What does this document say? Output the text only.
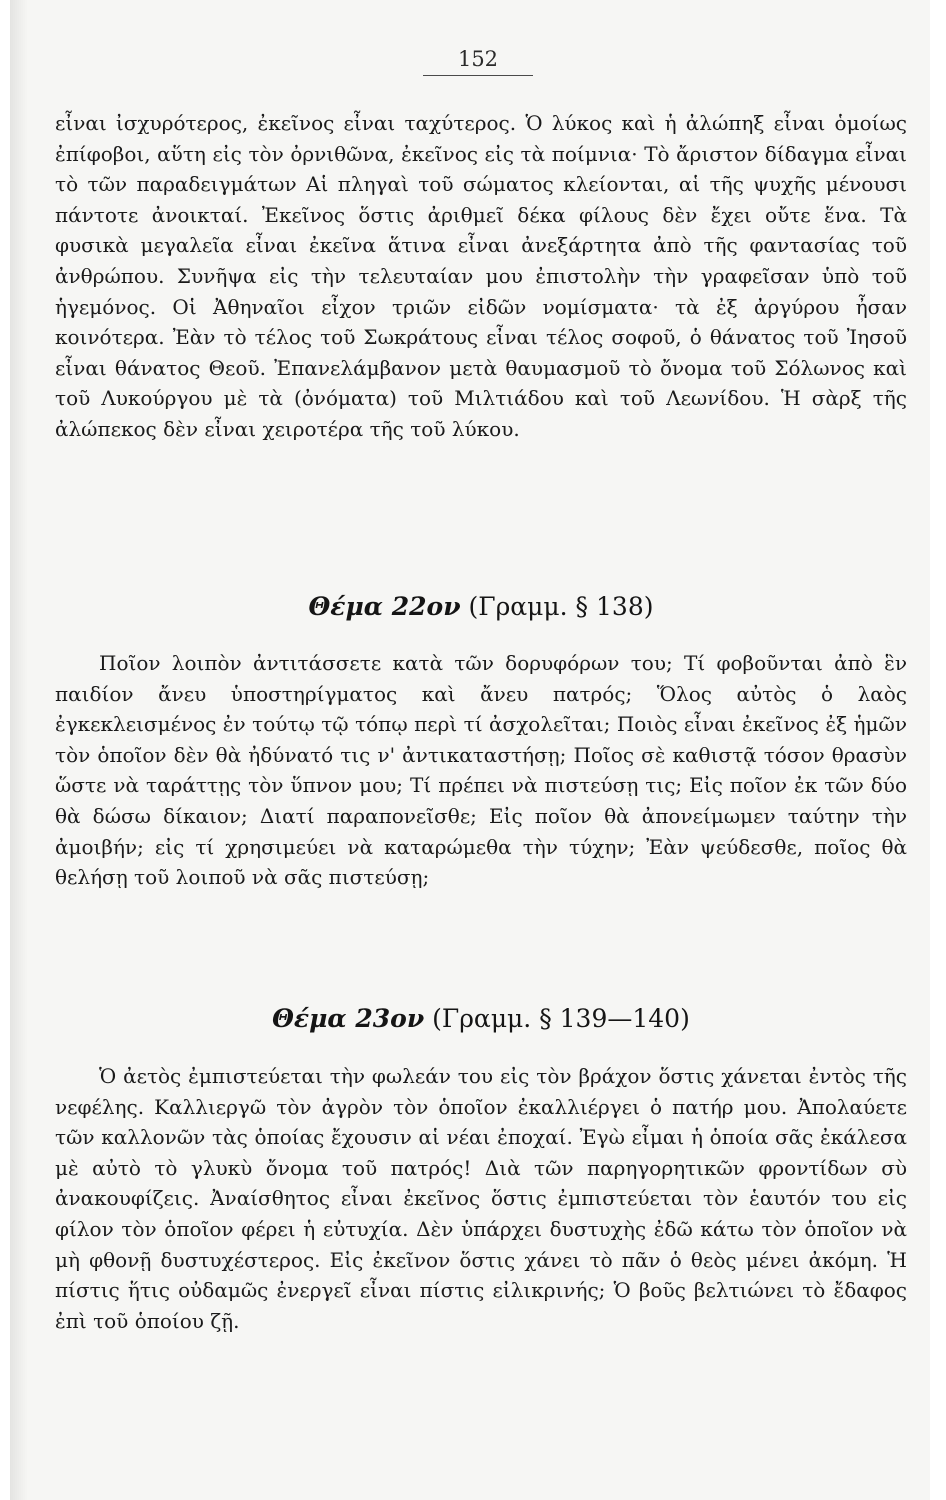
152

εἶναι ἰσχυρότερος, ἐκεῖνος εἶναι ταχύτερος. Ὁ λύκος καὶ ἡ ἀλώπηξ εἶναι ὁμοίως ἐπίφοβοι, αὕτη εἰς τὸν ὀρνιθῶνα, ἐκεῖνος εἰς τὰ ποίμνια· Τὸ ἄριστον δίδαγμα εἶναι τὸ τῶν παραδειγμάτων Αἱ πληγαὶ τοῦ σώματος κλείονται, αἱ τῆς ψυχῆς μένουσι πάντοτε ἀνοικταί. Ἐκεῖνος ὅστις ἀριθμεῖ δέκα φίλους δὲν ἔχει οὔτε ἕνα. Τὰ φυσικὰ μεγαλεῖα εἶναι ἐκεῖνα ἅτινα εἶναι ἀνεξάρτητα ἀπὸ τῆς φαντασίας τοῦ ἀνθρώπου. Συνῆψα εἰς τὴν τελευταίαν μου ἐπιστολὴν τὴν γραφεῖσαν ὑπὸ τοῦ ἡγεμόνος. Οἱ Ἀθηναῖοι εἶχον τριῶν εἰδῶν νομίσματα· τὰ ἐξ ἀργύρου ἦσαν κοινότερα. Ἐὰν τὸ τέλος τοῦ Σωκράτους εἶναι τέλος σοφοῦ, ὁ θάνατος τοῦ Ἰησοῦ εἶναι θάνατος Θεοῦ. Ἐπανελάμβανον μετὰ θαυμασμοῦ τὸ ὄνομα τοῦ Σόλωνος καὶ τοῦ Λυκούργου μὲ τὰ (ὀνόματα) τοῦ Μιλτιάδου καὶ τοῦ Λεωνίδου. Ἡ σὰρξ τῆς ἀλώπεκος δὲν εἶναι χειροτέρα τῆς τοῦ λύκου.

Θέμα 22ον (Γραμμ. § 138)

Ποῖον λοιπὸν ἀντιτάσσετε κατὰ τῶν δορυφόρων του; Τί φοβοῦνται ἀπὸ ἓν παιδίον ἄνευ ὑποστηρίγματος καὶ ἄνευ πατρός; Ὅλος αὐτὸς ὁ λαὸς ἐγκεκλεισμένος ἐν τούτῳ τῷ τόπῳ περὶ τί ἀσχολεῖται; Ποιὸς εἶναι ἐκεῖνος ἐξ ἡμῶν τὸν ὁποῖον δὲν θὰ ἠδύνατό τις ν' ἀντικαταστήσῃ; Ποῖος σὲ καθιστᾷ τόσον θρασὺν ὥστε νὰ ταράττῃς τὸν ὕπνον μου; Τί πρέπει νὰ πιστεύσῃ τις; Εἰς ποῖον ἐκ τῶν δύο θὰ δώσω δίκαιον; Διατί παραπονεῖσθε; Εἰς ποῖον θὰ ἀπονείμωμεν ταύτην τὴν ἀμοιβήν; εἰς τί χρησιμεύει νὰ καταρώμεθα τὴν τύχην; Ἐὰν ψεύδεσθε, ποῖος θὰ θελήσῃ τοῦ λοιποῦ νὰ σᾶς πιστεύσῃ;

Θέμα 23ον (Γραμμ. § 139—140)

Ὁ ἀετὸς ἐμπιστεύεται τὴν φωλεάν του εἰς τὸν βράχον ὅστις χάνεται ἐντὸς τῆς νεφέλης. Καλλιεργῶ τὸν ἀγρὸν τὸν ὁποῖον ἐκαλλιέργει ὁ πατήρ μου. Ἀπολαύετε τῶν καλλονῶν τὰς ὁποίας ἔχουσιν αἱ νέαι ἐποχαί. Ἐγὼ εἶμαι ἡ ὁποία σᾶς ἐκάλεσα μὲ αὐτὸ τὸ γλυκὺ ὄνομα τοῦ πατρός! Διὰ τῶν παρηγορητικῶν φροντίδων σὺ ἀνακουφίζεις. Ἀναίσθητος εἶναι ἐκεῖνος ὅστις ἐμπιστεύεται τὸν ἑαυτόν του εἰς φίλον τὸν ὁποῖον φέρει ἡ εὐτυχία. Δὲν ὑπάρχει δυστυχὴς ἐδῶ κάτω τὸν ὁποῖον νὰ μὴ φθονῇ δυστυχέστερος. Εἰς ἐκεῖνον ὅστις χάνει τὸ πᾶν ὁ θεὸς μένει ἀκόμη. Ἡ πίστις ἥτις οὐδαμῶς ἐνεργεῖ εἶναι πίστις εἰλικρινής; Ὁ βοῦς βελτιώνει τὸ ἔδαφος ἐπὶ τοῦ ὁποίου ζῇ.
